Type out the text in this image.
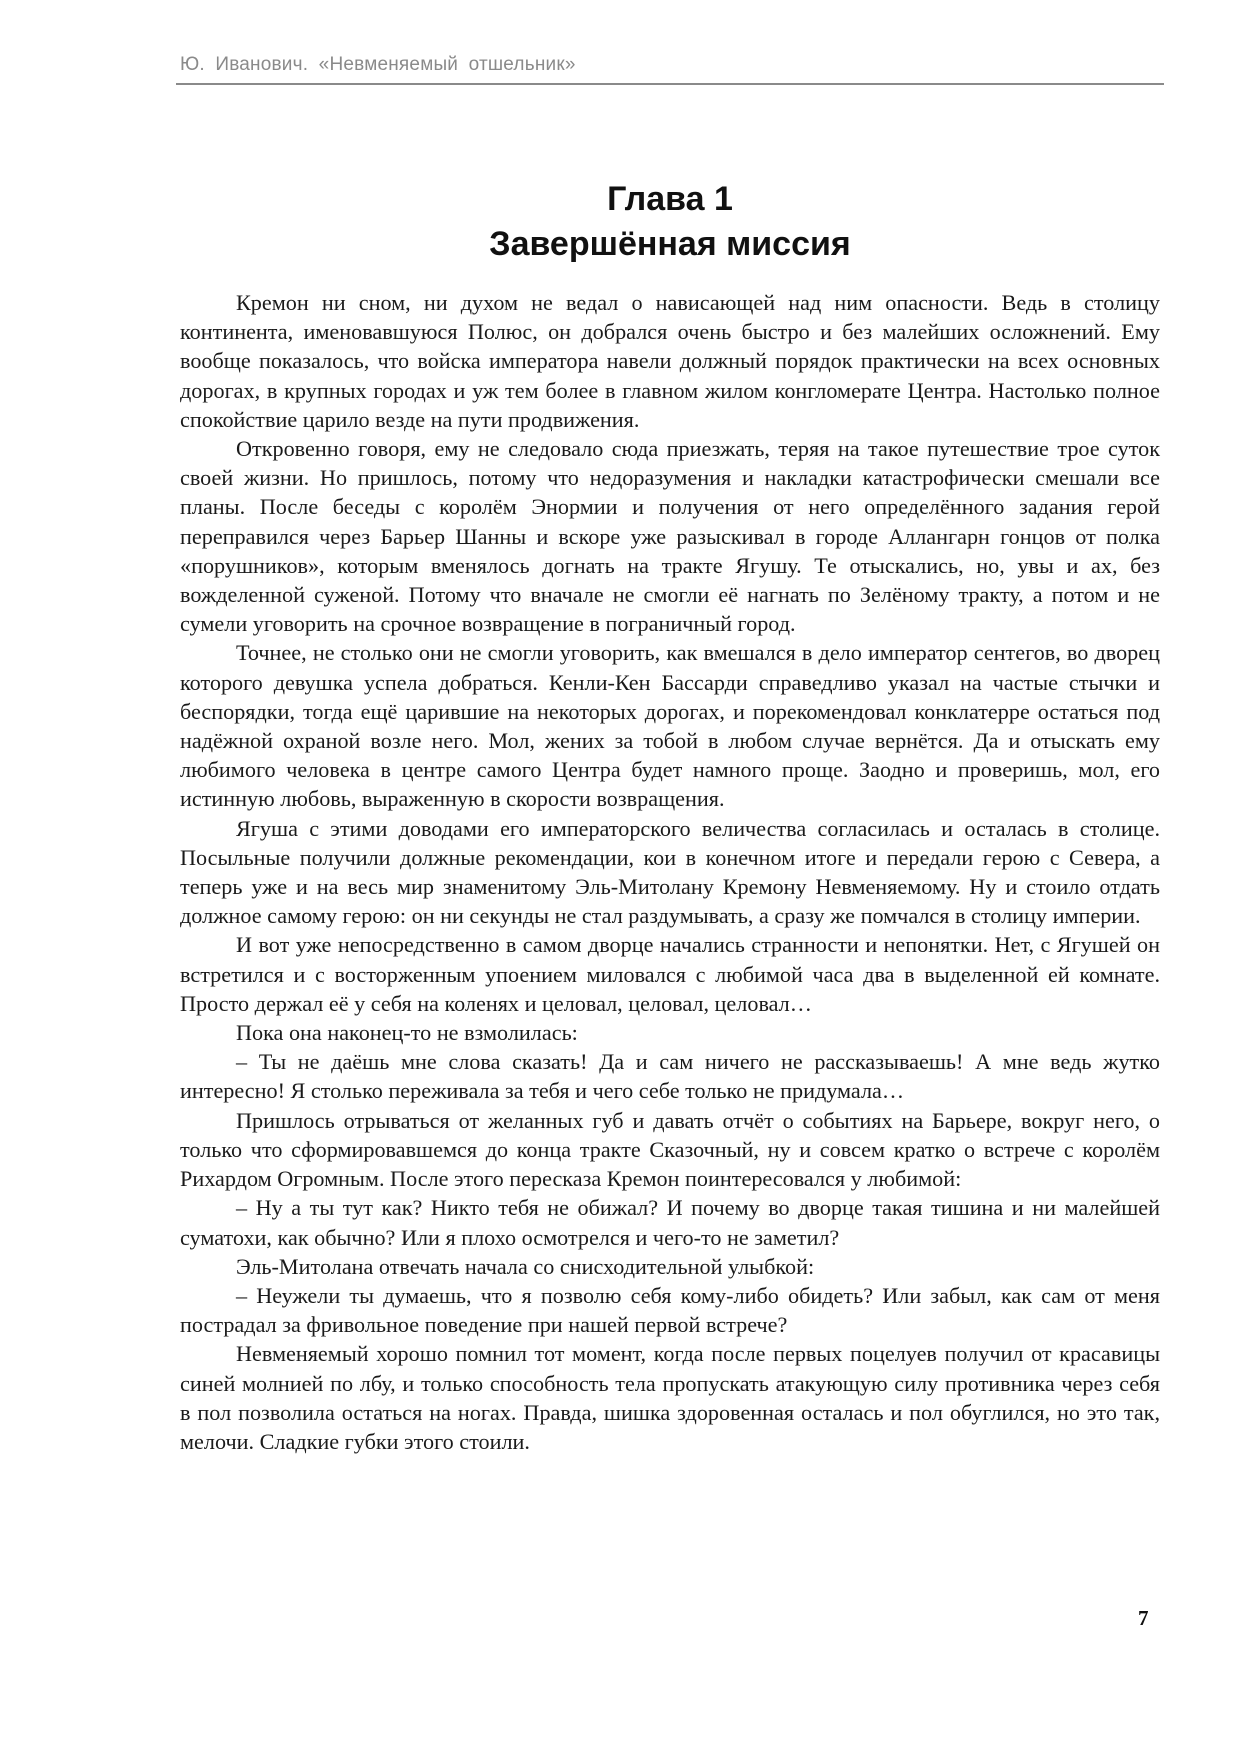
Ю. Иванович. «Невменяемый отшельник»
Глава 1
Завершённая миссия

Кремон ни сном, ни духом не ведал о нависающей над ним опасности. Ведь в столицу континента, именовавшуюся Полюс, он добрался очень быстро и без малейших осложнений. Ему вообще показалось, что войска императора навели должный порядок практически на всех основных дорогах, в крупных городах и уж тем более в главном жилом конгломерате Центра. Настолько полное спокойствие царило везде на пути продвижения.

Откровенно говоря, ему не следовало сюда приезжать, теряя на такое путешествие трое суток своей жизни. Но пришлось, потому что недоразумения и накладки катастрофически смешали все планы. После беседы с королём Энормии и получения от него определённого задания герой переправился через Барьер Шанны и вскоре уже разыскивал в городе Аллангарн гонцов от полка «порушников», которым вменялось догнать на тракте Ягушу. Те отыскались, но, увы и ах, без вожделенной суженой. Потому что вначале не смогли её нагнать по Зелёному тракту, а потом и не сумели уговорить на срочное возвращение в пограничный город.

Точнее, не столько они не смогли уговорить, как вмешался в дело император сентегов, во дворец которого девушка успела добраться. Кенли-Кен Бассарди справедливо указал на частые стычки и беспорядки, тогда ещё царившие на некоторых дорогах, и порекомендовал конклатерре остаться под надёжной охраной возле него. Мол, жених за тобой в любом случае вернётся. Да и отыскать ему любимого человека в центре самого Центра будет намного проще. Заодно и проверишь, мол, его истинную любовь, выраженную в скорости возвращения.

Ягуша с этими доводами его императорского величества согласилась и осталась в столице. Посыльные получили должные рекомендации, кои в конечном итоге и передали герою с Севера, а теперь уже и на весь мир знаменитому Эль-Митолану Кремону Невменяемому. Ну и стоило отдать должное самому герою: он ни секунды не стал раздумывать, а сразу же помчался в столицу империи.

И вот уже непосредственно в самом дворце начались странности и непонятки. Нет, с Ягушей он встретился и с восторженным упоением миловался с любимой часа два в выделенной ей комнате. Просто держал её у себя на коленях и целовал, целовал, целовал…

Пока она наконец-то не взмолилась:

– Ты не даёшь мне слова сказать! Да и сам ничего не рассказываешь! А мне ведь жутко интересно! Я столько переживала за тебя и чего себе только не придумала…

Пришлось отрываться от желанных губ и давать отчёт о событиях на Барьере, вокруг него, о только что сформировавшемся до конца тракте Сказочный, ну и совсем кратко о встрече с королём Рихардом Огромным. После этого пересказа Кремон поинтересовался у любимой:

– Ну а ты тут как? Никто тебя не обижал? И почему во дворце такая тишина и ни малейшей суматохи, как обычно? Или я плохо осмотрелся и чего-то не заметил?

Эль-Митолана отвечать начала со снисходительной улыбкой:

– Неужели ты думаешь, что я позволю себя кому-либо обидеть? Или забыл, как сам от меня пострадал за фривольное поведение при нашей первой встрече?

Невменяемый хорошо помнил тот момент, когда после первых поцелуев получил от красавицы синей молнией по лбу, и только способность тела пропускать атакующую силу противника через себя в пол позволила остаться на ногах. Правда, шишка здоровенная осталась и пол обуглился, но это так, мелочи. Сладкие губки этого стоили.

7
